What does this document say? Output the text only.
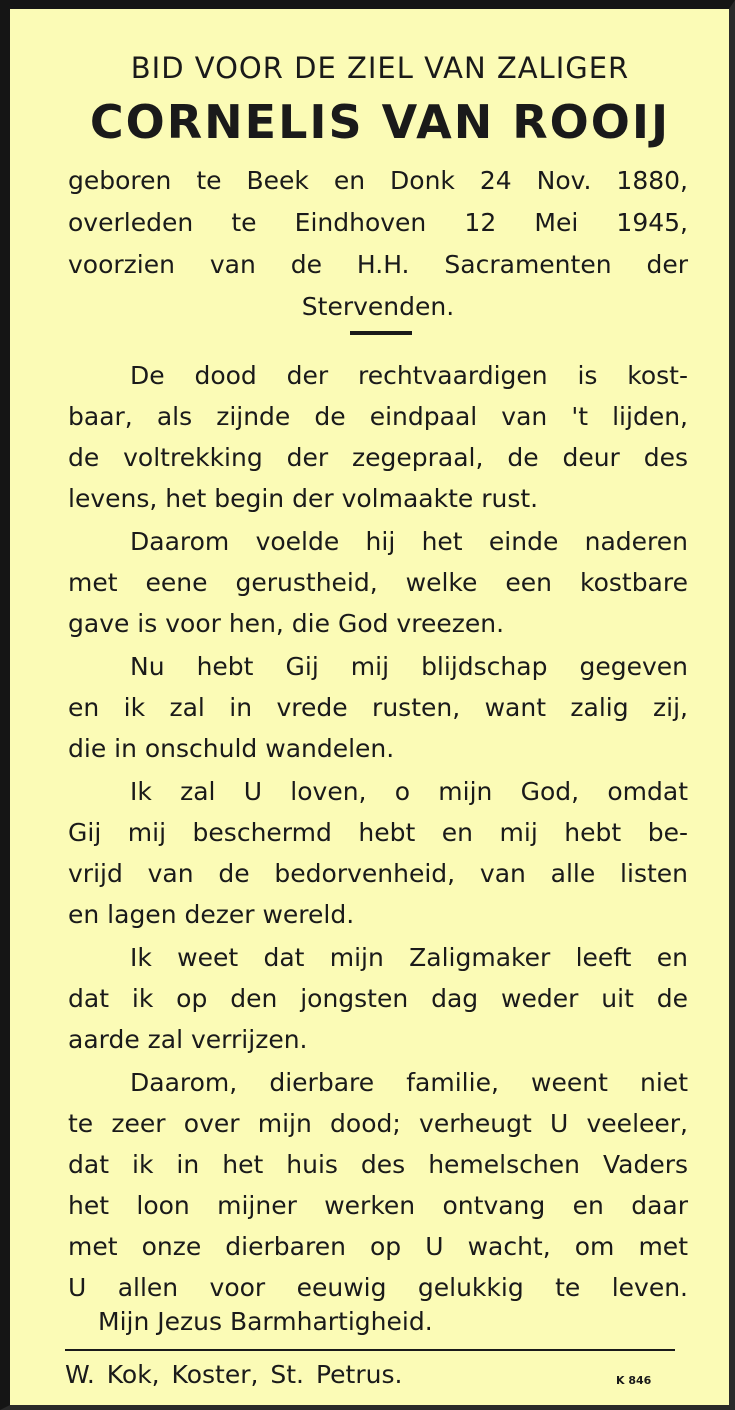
BID VOOR DE ZIEL VAN ZALIGER
CORNELIS VAN ROOIJ
geboren te Beek en Donk 24 Nov. 1880,
overleden te Eindhoven 12 Mei 1945,
voorzien van de H.H. Sacramenten der
Stervenden.
De dood der rechtvaardigen is kost-
baar, als zijnde de eindpaal van 't lijden,
de voltrekking der zegepraal, de deur des
levens, het begin der volmaakte rust.
Daarom voelde hij het einde naderen
met eene gerustheid, welke een kostbare
gave is voor hen, die God vreezen.
Nu hebt Gij mij blijdschap gegeven
en ik zal in vrede rusten, want zalig zij,
die in onschuld wandelen.
Ik zal U loven, o mijn God, omdat
Gij mij beschermd hebt en mij hebt be-
vrijd van de bedorvenheid, van alle listen
en lagen dezer wereld.
Ik weet dat mijn Zaligmaker leeft en
dat ik op den jongsten dag weder uit de
aarde zal verrijzen.
Daarom, dierbare familie, weent niet
te zeer over mijn dood; verheugt U veeleer,
dat ik in het huis des hemelschen Vaders
het loon mijner werken ontvang en daar
met onze dierbaren op U wacht, om met
U allen voor eeuwig gelukkig te leven.
Mijn Jezus Barmhartigheid.
W. Kok, Koster, St. Petrus.	K 846
